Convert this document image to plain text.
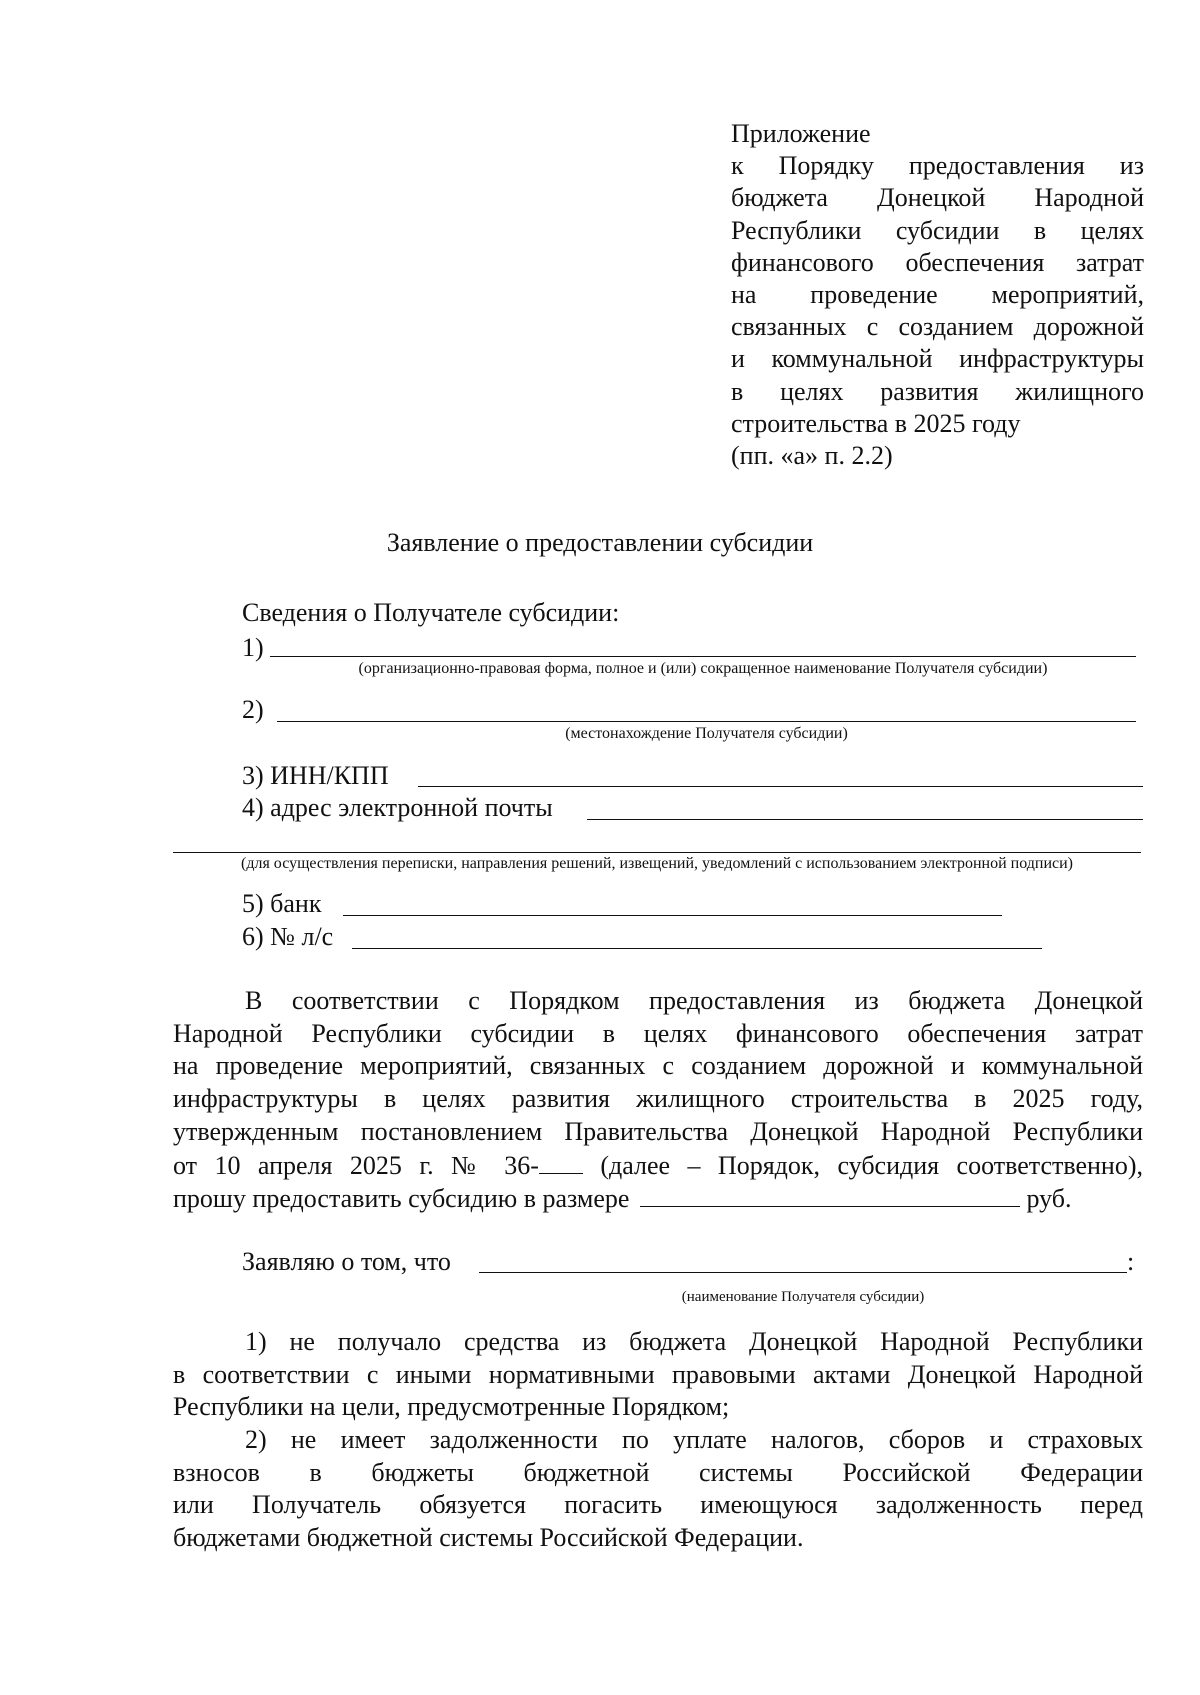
Приложение
к Порядку предоставления из
бюджета Донецкой Народной
Республики субсидии в целях
финансового обеспечения затрат
на проведение мероприятий,
связанных с созданием дорожной
и коммунальной инфраструктуры
в целях развития жилищного
строительства в 2025 году
(пп. «а» п. 2.2)
Заявление о предоставлении субсидии
Сведения о Получателе субсидии:
1)
(организационно-правовая форма, полное и (или) сокращенное наименование Получателя субсидии)
2)
(местонахождение Получателя субсидии)
3) ИНН/КПП
4) адрес электронной почты
(для осуществления переписки, направления решений, извещений, уведомлений с использованием электронной подписи)
5) банк
6) № л/с
В соответствии с Порядком предоставления из бюджета Донецкой
Народной Республики субсидии в целях финансового обеспечения затрат
на проведение мероприятий, связанных с созданием дорожной и коммунальной
инфраструктуры в целях развития жилищного строительства в 2025 году,
утвержденным постановлением Правительства Донецкой Народной Республики
от 10 апреля 2025 г. № 36- (далее – Порядок, субсидия соответственно),
прошу предоставить субсидию в размере	руб.
Заявляю о том, что	:
(наименование Получателя субсидии)
1) не получало средства из бюджета Донецкой Народной Республики
в соответствии с иными нормативными правовыми актами Донецкой Народной
Республики на цели, предусмотренные Порядком;
2) не имеет задолженности по уплате налогов, сборов и страховых
взносов в бюджеты бюджетной системы Российской Федерации
или Получатель обязуется погасить имеющуюся задолженность перед
бюджетами бюджетной системы Российской Федерации.
